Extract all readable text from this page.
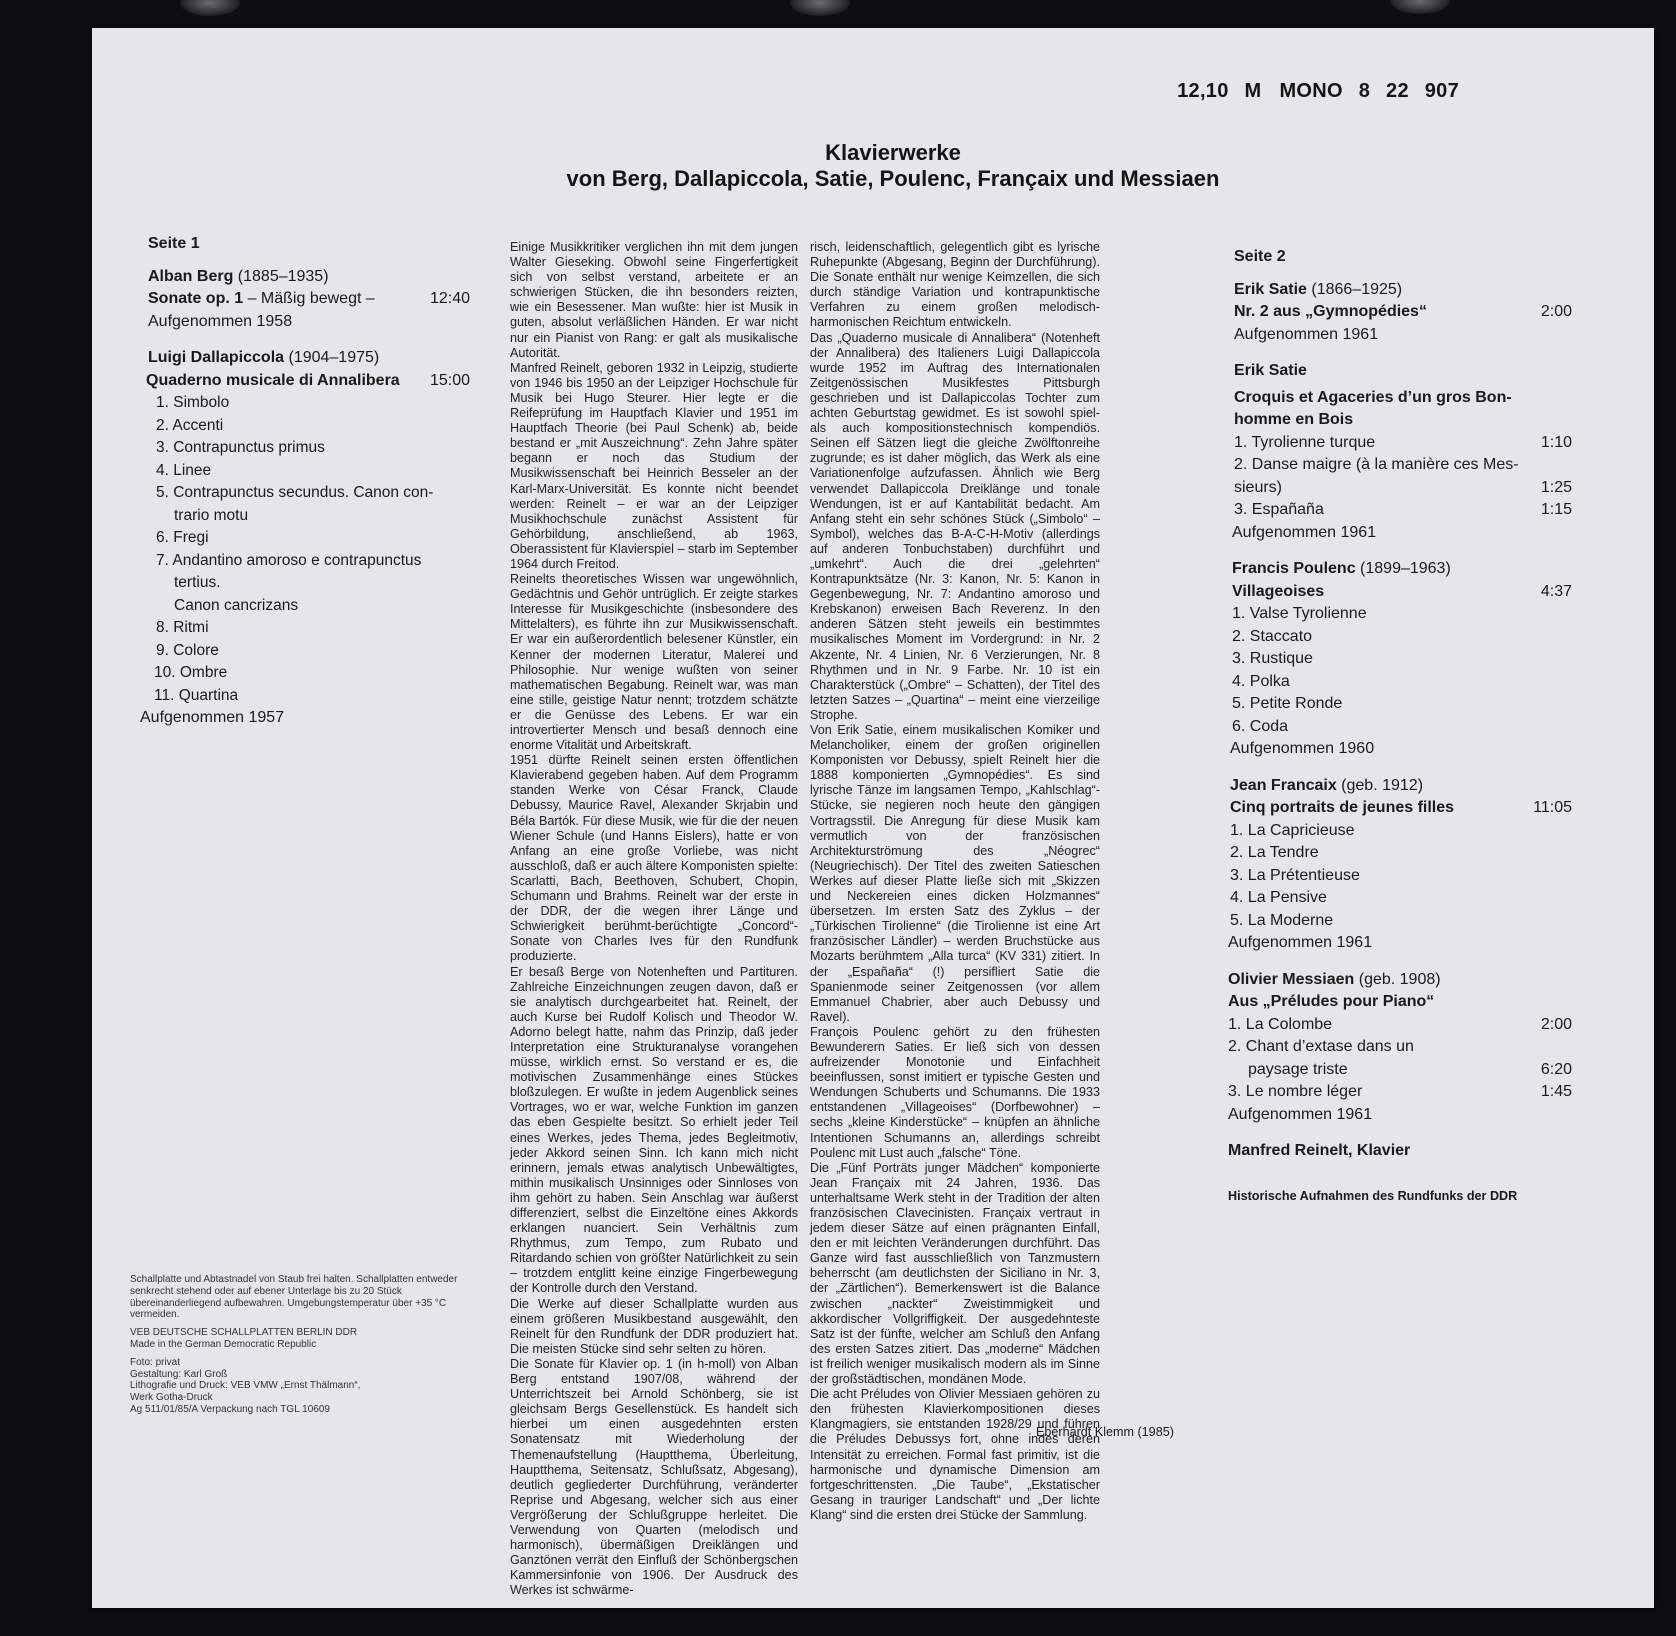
12,10 M MONO 8 22 907
Klavierwerke
von Berg, Dallapiccola, Satie, Poulenc, Françaix und Messiaen
Seite 1
Alban Berg (1885–1935)
Sonate op. 1 – Mäßig bewegt –	12:40
Aufgenommen 1958
Luigi Dallapiccola (1904–1975)
Quaderno musicale di Annalibera 15:00
1. Simbolo
2. Accenti
3. Contrapunctus primus
4. Linee
5. Contrapunctus secundus. Canon con-
trario motu
6. Fregi
7. Andantino amoroso e contrapunctus
tertius.
Canon cancrizans
8. Ritmi
9. Colore
10. Ombre
11. Quartina
Aufgenommen 1957

Einige Musikkritiker verglichen ihn mit dem jungen Walter Gieseking. Obwohl seine Fingerfertigkeit sich von selbst verstand, arbeitete er an schwierigen Stücken, die ihn besonders reizten, wie ein Besessener. Man wußte: hier ist Musik in guten, absolut verläßlichen Händen. Er war nicht nur ein Pianist von Rang: er galt als musikalische Autorität.

Manfred Reinelt, geboren 1932 in Leipzig, studierte von 1946 bis 1950 an der Leipziger Hochschule für Musik bei Hugo Steurer. Hier legte er die Reifeprüfung im Hauptfach Klavier und 1951 im Hauptfach Theorie (bei Paul Schenk) ab, beide bestand er „mit Auszeichnung“. Zehn Jahre später begann er noch das Studium der Musikwissenschaft bei Heinrich Besseler an der Karl-Marx-Universität. Es konnte nicht beendet werden: Reinelt – er war an der Leipziger Musikhochschule zunächst Assistent für Gehörbildung, anschließend, ab 1963, Oberassistent für Klavierspiel – starb im September 1964 durch Freitod.

Reinelts theoretisches Wissen war ungewöhnlich, Gedächtnis und Gehör untrüglich. Er zeigte starkes Interesse für Musikgeschichte (insbesondere des Mittelalters), es führte ihn zur Musikwissenschaft. Er war ein außerordentlich belesener Künstler, ein Kenner der modernen Literatur, Malerei und Philosophie. Nur wenige wußten von seiner mathematischen Begabung. Reinelt war, was man eine stille, geistige Natur nennt; trotzdem schätzte er die Genüsse des Lebens. Er war ein introvertierter Mensch und besaß dennoch eine enorme Vitalität und Arbeitskraft.

1951 dürfte Reinelt seinen ersten öffentlichen Klavierabend gegeben haben. Auf dem Programm standen Werke von César Franck, Claude Debussy, Maurice Ravel, Alexander Skrjabin und Béla Bartók. Für diese Musik, wie für die der neuen Wiener Schule (und Hanns Eislers), hatte er von Anfang an eine große Vorliebe, was nicht ausschloß, daß er auch ältere Komponisten spielte: Scarlatti, Bach, Beethoven, Schubert, Chopin, Schumann und Brahms. Reinelt war der erste in der DDR, der die wegen ihrer Länge und Schwierigkeit berühmt-berüchtigte „Concord“-Sonate von Charles Ives für den Rundfunk produzierte.

Er besaß Berge von Notenheften und Partituren. Zahlreiche Einzeichnungen zeugen davon, daß er sie analytisch durchgearbeitet hat. Reinelt, der auch Kurse bei Rudolf Kolisch und Theodor W. Adorno belegt hatte, nahm das Prinzip, daß jeder Interpretation eine Strukturanalyse vorangehen müsse, wirklich ernst. So verstand er es, die motivischen Zusammenhänge eines Stückes bloßzulegen. Er wußte in jedem Augenblick seines Vortrages, wo er war, welche Funktion im ganzen das eben Gespielte besitzt. So erhielt jeder Teil eines Werkes, jedes Thema, jedes Begleitmotiv, jeder Akkord seinen Sinn. Ich kann mich nicht erinnern, jemals etwas analytisch Unbewältigtes, mithin musikalisch Unsinniges oder Sinnloses von ihm gehört zu haben. Sein Anschlag war äußerst differenziert, selbst die Einzeltöne eines Akkords erklangen nuanciert. Sein Verhältnis zum Rhythmus, zum Tempo, zum Rubato und Ritardando schien von größter Natürlichkeit zu sein – trotzdem entglitt keine einzige Fingerbewegung der Kontrolle durch den Verstand.

Die Werke auf dieser Schallplatte wurden aus einem größeren Musikbestand ausgewählt, den Reinelt für den Rundfunk der DDR produziert hat. Die meisten Stücke sind sehr selten zu hören.

Die Sonate für Klavier op. 1 (in h-moll) von Alban Berg entstand 1907/08, während der Unterrichtszeit bei Arnold Schönberg, sie ist gleichsam Bergs Gesellenstück. Es handelt sich hierbei um einen ausgedehnten ersten Sonatensatz mit Wiederholung der Themenaufstellung (Hauptthema, Überleitung, Hauptthema, Seitensatz, Schlußsatz, Abgesang), deutlich gegliederter Durchführung, veränderter Reprise und Abgesang, welcher sich aus einer Vergrößerung der Schlußgruppe herleitet. Die Verwendung von Quarten (melodisch und harmonisch), übermäßigen Dreiklängen und Ganztönen verrät den Einfluß der Schönbergschen Kammersinfonie von 1906. Der Ausdruck des Werkes ist schwärme-

risch, leidenschaftlich, gelegentlich gibt es lyrische Ruhepunkte (Abgesang, Beginn der Durchführung). Die Sonate enthält nur wenige Keimzellen, die sich durch ständige Variation und kontrapunktische Verfahren zu einem großen melodisch-harmonischen Reichtum entwickeln.

Das „Quaderno musicale di Annalibera“ (Notenheft der Annalibera) des Italieners Luigi Dallapiccola wurde 1952 im Auftrag des Internationalen Zeitgenössischen Musikfestes Pittsburgh geschrieben und ist Dallapiccolas Tochter zum achten Geburtstag gewidmet. Es ist sowohl spiel- als auch kompositionstechnisch kompendiös. Seinen elf Sätzen liegt die gleiche Zwölftonreihe zugrunde; es ist daher möglich, das Werk als eine Variationenfolge aufzufassen. Ähnlich wie Berg verwendet Dallapiccola Dreiklänge und tonale Wendungen, ist er auf Kantabilität bedacht. Am Anfang steht ein sehr schönes Stück („Simbolo“ – Symbol), welches das B-A-C-H-Motiv (allerdings auf anderen Tonbuchstaben) durchführt und „umkehrt“. Auch die drei „gelehrten“ Kontrapunktsätze (Nr. 3: Kanon, Nr. 5: Kanon in Gegenbewegung, Nr. 7: Andantino amoroso und Krebskanon) erweisen Bach Reverenz. In den anderen Sätzen steht jeweils ein bestimmtes musikalisches Moment im Vordergrund: in Nr. 2 Akzente, Nr. 4 Linien, Nr. 6 Verzierungen, Nr. 8 Rhythmen und in Nr. 9 Farbe. Nr. 10 ist ein Charakterstück („Ombre“ – Schatten), der Titel des letzten Satzes – „Quartina“ – meint eine vierzeilige Strophe.

Von Erik Satie, einem musikalischen Komiker und Melancholiker, einem der großen originellen Komponisten vor Debussy, spielt Reinelt hier die 1888 komponierten „Gymnopédies“. Es sind lyrische Tänze im langsamen Tempo, „Kahlschlag“-Stücke, sie negieren noch heute den gängigen Vortragsstil. Die Anregung für diese Musik kam vermutlich von der französischen Architekturströmung des „Néogrec“ (Neugriechisch). Der Titel des zweiten Satieschen Werkes auf dieser Platte ließe sich mit „Skizzen und Neckereien eines dicken Holzmannes“ übersetzen. Im ersten Satz des Zyklus – der „Türkischen Tirolienne“ (die Tirolienne ist eine Art französischer Ländler) – werden Bruchstücke aus Mozarts berühmtem „Alla turca“ (KV 331) zitiert. In der „Españaña“ (!) persifliert Satie die Spanienmode seiner Zeitgenossen (vor allem Emmanuel Chabrier, aber auch Debussy und Ravel).

François Poulenc gehört zu den frühesten Bewunderern Saties. Er ließ sich von dessen aufreizender Monotonie und Einfachheit beeinflussen, sonst imitiert er typische Gesten und Wendungen Schuberts und Schumanns. Die 1933 entstandenen „Villageoises“ (Dorfbewohner) – sechs „kleine Kinderstücke“ – knüpfen an ähnliche Intentionen Schumanns an, allerdings schreibt Poulenc mit Lust auch „falsche“ Töne.

Die „Fünf Porträts junger Mädchen“ komponierte Jean Françaix mit 24 Jahren, 1936. Das unterhaltsame Werk steht in der Tradition der alten französischen Clavecinisten. Françaix vertraut in jedem dieser Sätze auf einen prägnanten Einfall, den er mit leichten Veränderungen durchführt. Das Ganze wird fast ausschließlich von Tanzmustern beherrscht (am deutlichsten der Siciliano in Nr. 3, der „Zärtlichen“). Bemerkenswert ist die Balance zwischen „nackter“ Zweistimmigkeit und akkordischer Vollgriffigkeit. Der ausgedehnteste Satz ist der fünfte, welcher am Schluß den Anfang des ersten Satzes zitiert. Das „moderne“ Mädchen ist freilich weniger musikalisch modern als im Sinne der großstädtischen, mondänen Mode.

Die acht Préludes von Olivier Messiaen gehören zu den frühesten Klavierkompositionen dieses Klangmagiers, sie entstanden 1928/29 und führen die Préludes Debussys fort, ohne indes deren Intensität zu erreichen. Formal fast primitiv, ist die harmonische und dynamische Dimension am fortgeschrittensten. „Die Taube“, „Ekstatischer Gesang in trauriger Landschaft“ und „Der lichte Klang“ sind die ersten drei Stücke der Sammlung.

Eberhardt Klemm (1985)
Seite 2
Erik Satie (1866–1925)
Nr. 2 aus „Gymnopédies“	2:00
Aufgenommen 1961
Erik Satie
Croquis et Agaceries d’un gros Bon-
homme en Bois
1. Tyrolienne turque	1:10
2. Danse maigre (à la manière ces Mes-
sieurs)	1:25
3. Españaña	1:15
Aufgenommen 1961
Francis Poulenc (1899–1963)
Villageoises	4:37
1. Valse Tyrolienne
2. Staccato
3. Rustique
4. Polka
5. Petite Ronde
6. Coda
Aufgenommen 1960
Jean Francaix (geb. 1912)
Cinq portraits de jeunes filles	11:05
1. La Capricieuse
2. La Tendre
3. La Prétentieuse
4. La Pensive
5. La Moderne
Aufgenommen 1961
Olivier Messiaen (geb. 1908)
Aus „Préludes pour Piano“
1. La Colombe	2:00
2. Chant d’extase dans un
paysage triste	6:20
3. Le nombre léger	1:45
Aufgenommen 1961
Manfred Reinelt, Klavier
Historische Aufnahmen des Rundfunks der DDR

Schallplatte und Abtastnadel von Staub frei halten. Schallplatten entweder senkrecht stehend oder auf ebener Unterlage bis zu 20 Stück übereinanderliegend aufbewahren. Umgebungstemperatur über +35 °C vermeiden.

VEB DEUTSCHE SCHALLPLATTEN BERLIN DDR

Made in the German Democratic Republic

Foto: privat

Gestaltung: Karl Groß

Lithografie und Druck: VEB VMW „Ernst Thälmann“,

Werk Gotha-Druck

Ag 511/01/85/A Verpackung nach TGL 10609
